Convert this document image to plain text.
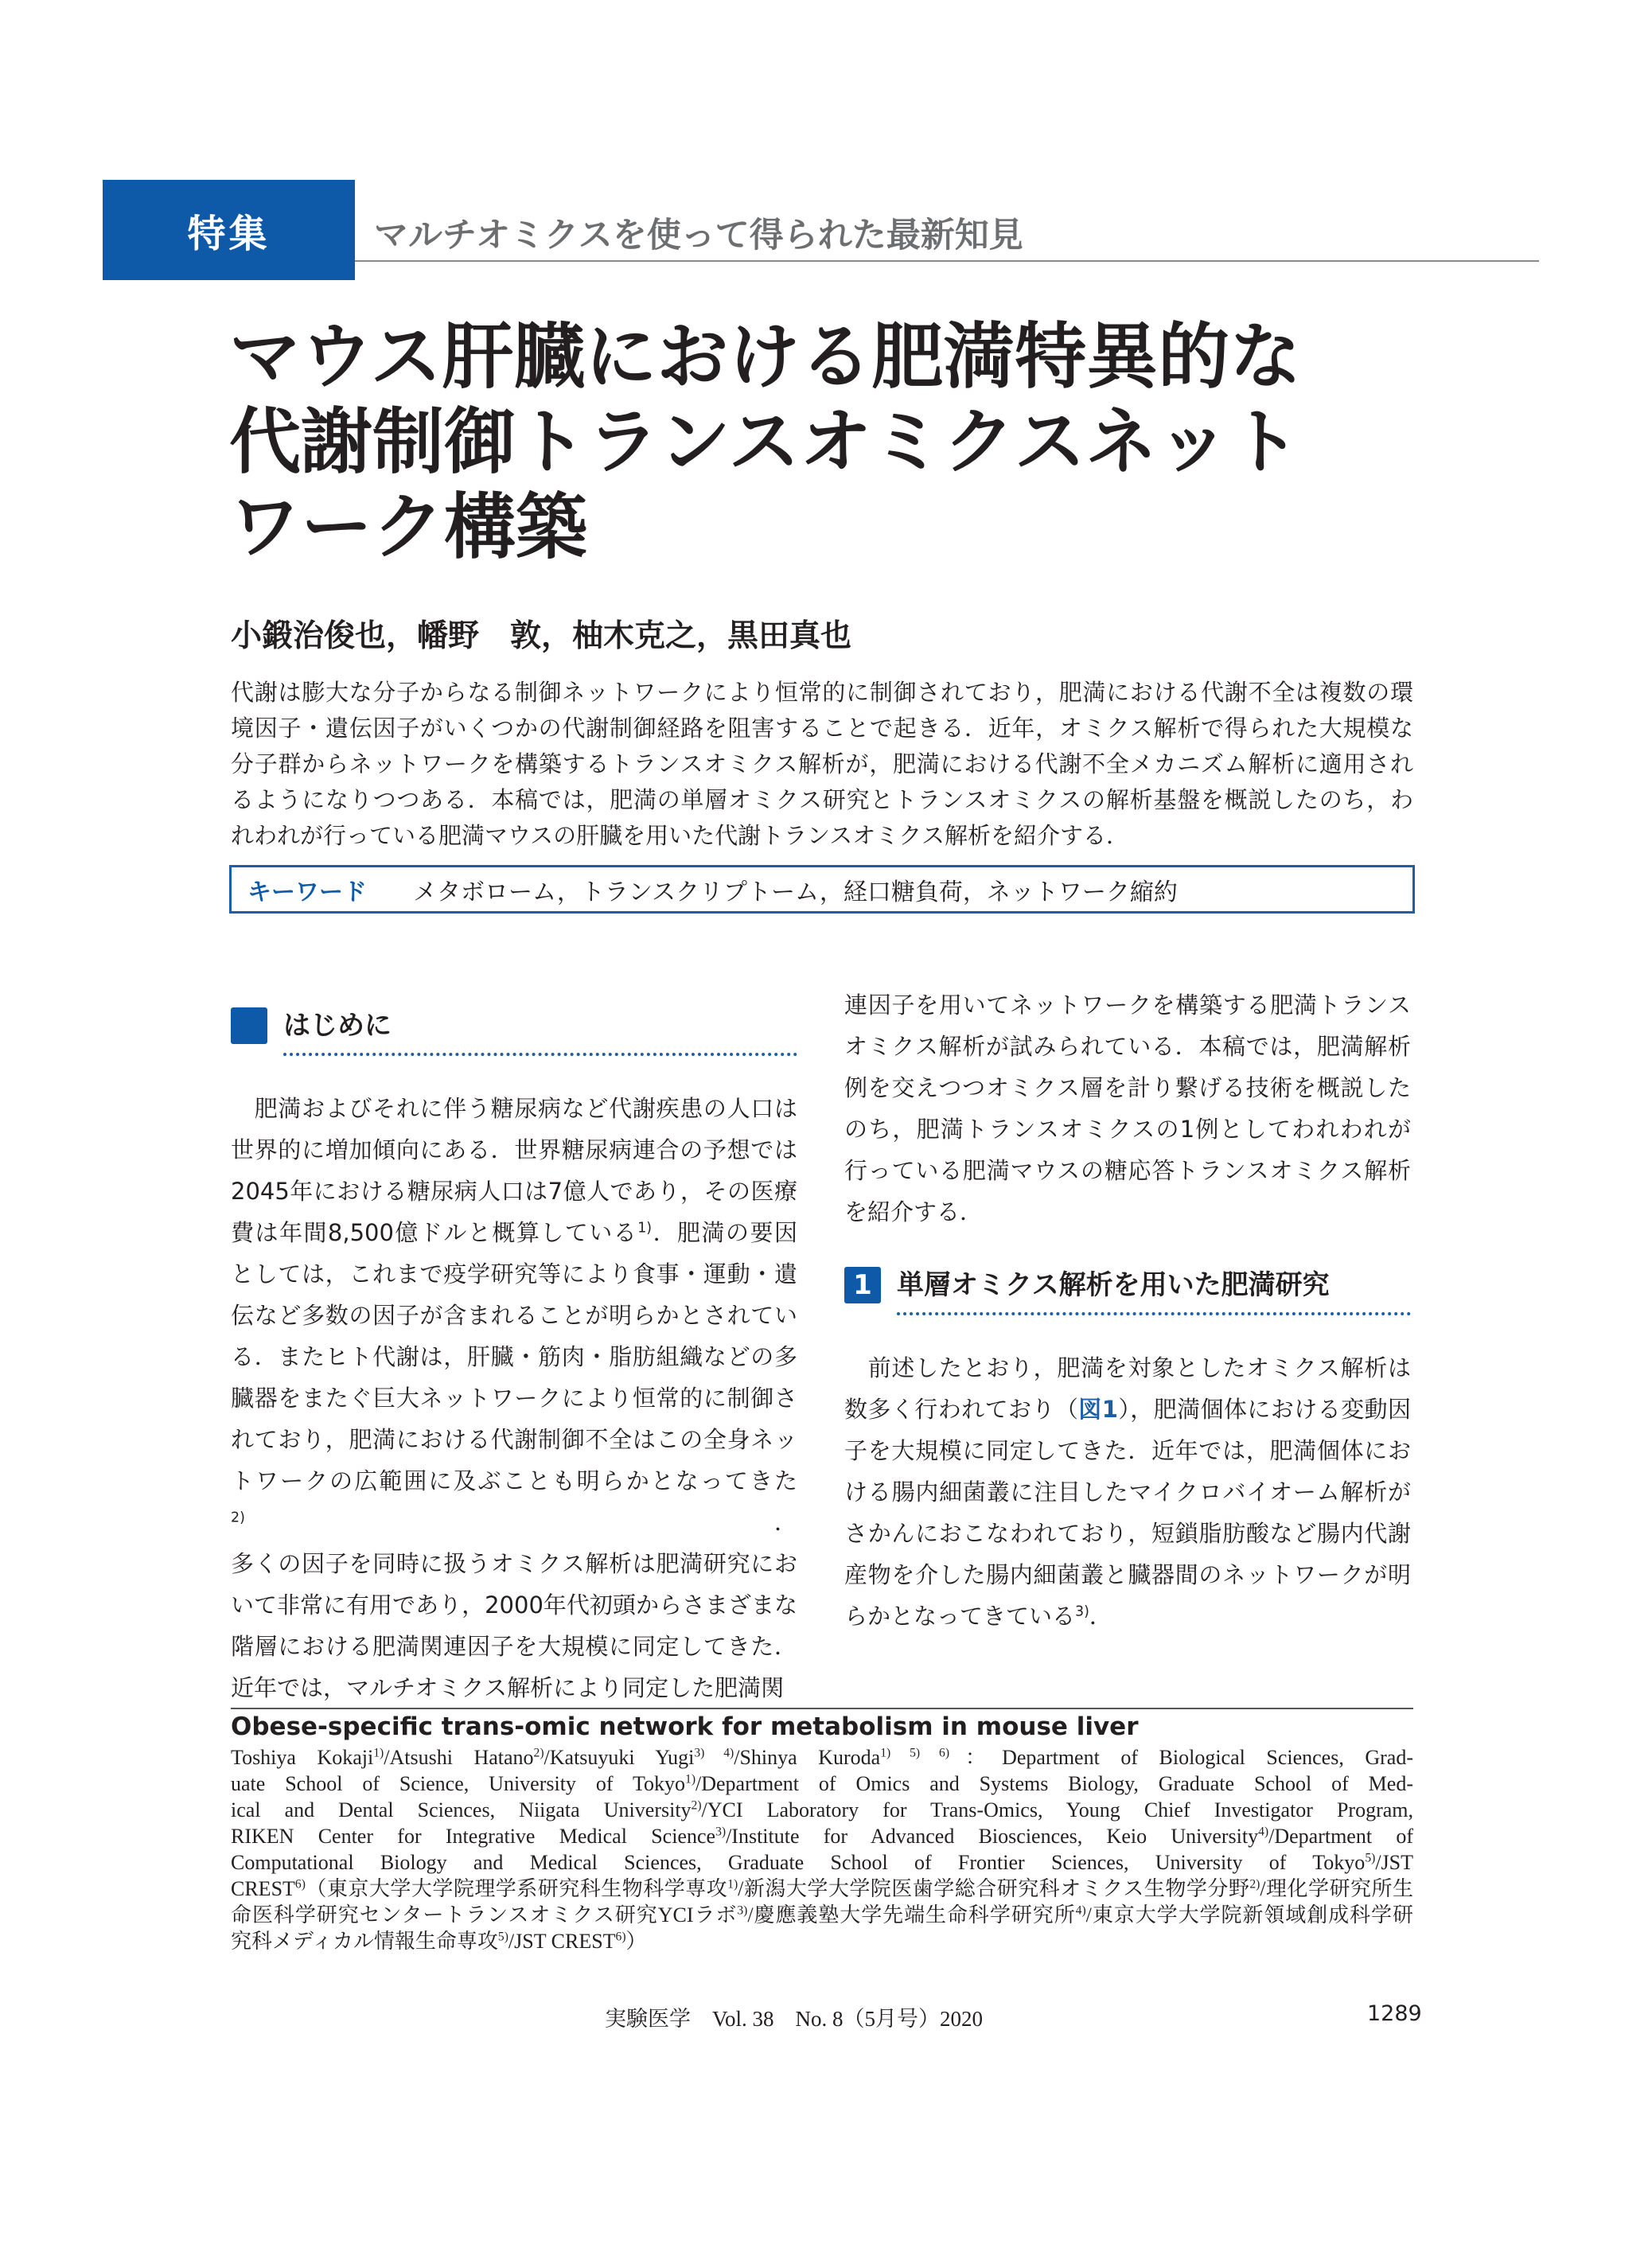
特集	マルチオミクスを使って得られた最新知見
マウス肝臓における肥満特異的な
代謝制御トランスオミクスネット
ワーク構築
小鍛治俊也，幡野　敦，柚木克之，黒田真也
代謝は膨大な分子からなる制御ネットワークにより恒常的に制御されており，肥満における代謝不全は複数の環
境因子・遺伝因子がいくつかの代謝制御経路を阻害することで起きる．近年，オミクス解析で得られた大規模な
分子群からネットワークを構築するトランスオミクス解析が，肥満における代謝不全メカニズム解析に適用され
るようになりつつある．本稿では，肥満の単層オミクス研究とトランスオミクスの解析基盤を概説したのち，わ
れわれが行っている肥満マウスの肝臓を用いた代謝トランスオミクス解析を紹介する．
キーワード	メタボローム，トランスクリプトーム，経口糖負荷，ネットワーク縮約
はじめに
　肥満およびそれに伴う糖尿病など代謝疾患の人口は
世界的に増加傾向にある．世界糖尿病連合の予想では
2045年における糖尿病人口は7億人であり，その医療
費は年間8,500億ドルと概算している$^{1)}$．肥満の要因
としては，これまで疫学研究等により食事・運動・遺
伝など多数の因子が含まれることが明らかとされてい
る．またヒト代謝は，肝臓・筋肉・脂肪組織などの多
臓器をまたぐ巨大ネットワークにより恒常的に制御さ
れており，肥満における代謝制御不全はこの全身ネッ
トワークの広範囲に及ぶことも明らかとなってきた$^{2)}$．
多くの因子を同時に扱うオミクス解析は肥満研究にお
いて非常に有用であり，2000年代初頭からさまざまな
階層における肥満関連因子を大規模に同定してきた．
近年では，マルチオミクス解析により同定した肥満関
連因子を用いてネットワークを構築する肥満トランス
オミクス解析が試みられている．本稿では，肥満解析
例を交えつつオミクス層を計り繋げる技術を概説した
のち，肥満トランスオミクスの1例としてわれわれが
行っている肥満マウスの糖応答トランスオミクス解析
を紹介する．
1 単層オミクス解析を用いた肥満研究
　前述したとおり，肥満を対象としたオミクス解析は
数多く行われており（図1），肥満個体における変動因
子を大規模に同定してきた．近年では，肥満個体にお
ける腸内細菌叢に注目したマイクロバイオーム解析が
さかんにおこなわれており，短鎖脂肪酸など腸内代謝
産物を介した腸内細菌叢と臓器間のネットワークが明
らかとなってきている$^{3)}$．
Obese-specific trans-omic network for metabolism in mouse liver
Toshiya Kokaji$^{1)}$/Atsushi Hatano$^{2)}$/Katsuyuki Yugi$^{3) 4)}$/Shinya Kuroda$^{1) 5) 6)}$：Department of Biological Sciences, Grad-
uate School of Science, University of Tokyo$^{1)}$/Department of Omics and Systems Biology, Graduate School of Med-
ical and Dental Sciences, Niigata University$^{2)}$/YCI Laboratory for Trans-Omics, Young Chief Investigator Program,
RIKEN Center for Integrative Medical Science$^{3)}$/Institute for Advanced Biosciences, Keio University$^{4)}$/Department of
Computational Biology and Medical Sciences, Graduate School of Frontier Sciences, University of Tokyo$^{5)}$/JST
CREST$^{6)}$（東京大学大学院理学系研究科生物科学専攻$^{1)}$/新潟大学大学院医歯学総合研究科オミクス生物学分野$^{2)}$/理化学研究所生
命医科学研究センタートランスオミクス研究YCIラボ$^{3)}$/慶應義塾大学先端生命科学研究所$^{4)}$/東京大学大学院新領域創成科学研
究科メディカル情報生命専攻$^{5)}$/JST CREST$^{6)}$）
実験医学　Vol. 38　No. 8（5月号）2020	1289
